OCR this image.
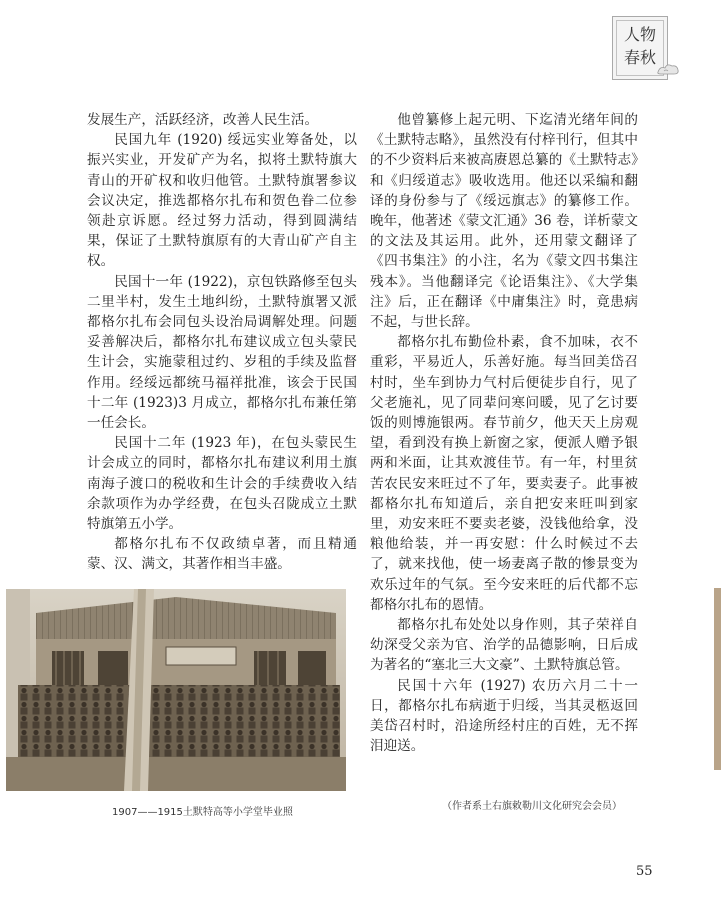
人物
春秋

发展生产，活跃经济，改善人民生活。

民国九年 (1920) 绥远实业筹备处，以振兴实业，开发矿产为名，拟将土默特旗大青山的开矿权和收归他管。土默特旗署参议会议决定，推选都格尔扎布和贺色眷二位参领赴京诉愿。经过努力活动，得到圆满结果，保证了土默特旗原有的大青山矿产自主权。

民国十一年 (1922)，京包铁路修至包头二里半村，发生土地纠纷，土默特旗署又派都格尔扎布会同包头设治局调解处理。问题妥善解决后，都格尔扎布建议成立包头蒙民生计会，实施蒙租过约、岁租的手续及监督作用。经绥远都统马福祥批准，该会于民国十二年 (1923)3 月成立，都格尔扎布兼任第一任会长。

民国十二年 (1923 年)，在包头蒙民生计会成立的同时，都格尔扎布建议利用土旗南海子渡口的税收和生计会的手续费收入结余款项作为办学经费，在包头召陇成立土默特旗第五小学。

都格尔扎布不仅政绩卓著，而且精通蒙、汉、满文，其著作相当丰盛。

他曾纂修上起元明、下迄清光绪年间的《土默特志略》，虽然没有付梓刊行，但其中的不少资料后来被高赓恩总纂的《土默特志》和《归绥道志》吸收选用。他还以采编和翻译的身份参与了《绥远旗志》的纂修工作。晚年，他著述《蒙文汇通》36 卷，详析蒙文的文法及其运用。此外，还用蒙文翻译了《四书集注》的小注，名为《蒙文四书集注残本》。当他翻译完《论语集注》、《大学集注》后，正在翻译《中庸集注》时，竟患病不起，与世长辞。

都格尔扎布勤俭朴素，食不加味，衣不重彩，平易近人，乐善好施。每当回美岱召村时，坐车到协力气村后便徒步自行，见了父老施礼，见了同辈问寒问暖，见了乞讨要饭的则博施银两。春节前夕，他天天上房观望，看到没有换上新窗之家，便派人赠予银两和米面，让其欢渡佳节。有一年，村里贫苦农民安来旺过不了年，要卖妻子。此事被都格尔扎布知道后，亲自把安来旺叫到家里，劝安来旺不要卖老婆，没钱他给拿，没粮他给装，并一再安慰：什么时候过不去了，就来找他，使一场妻离子散的惨景变为欢乐过年的气氛。至今安来旺的后代都不忘都格尔扎布的恩情。

都格尔扎布处处以身作则，其子荣祥自幼深受父亲为官、治学的品德影响，日后成为著名的“塞北三大文豪”、土默特旗总管。

民国十六年 (1927) 农历六月二十一日，都格尔扎布病逝于归绥，当其灵柩返回美岱召村时，沿途所经村庄的百姓，无不挥泪迎送。

1907——1915土默特高等小学堂毕业照
（作者系土右旗敕勒川文化研究会会员）
55
